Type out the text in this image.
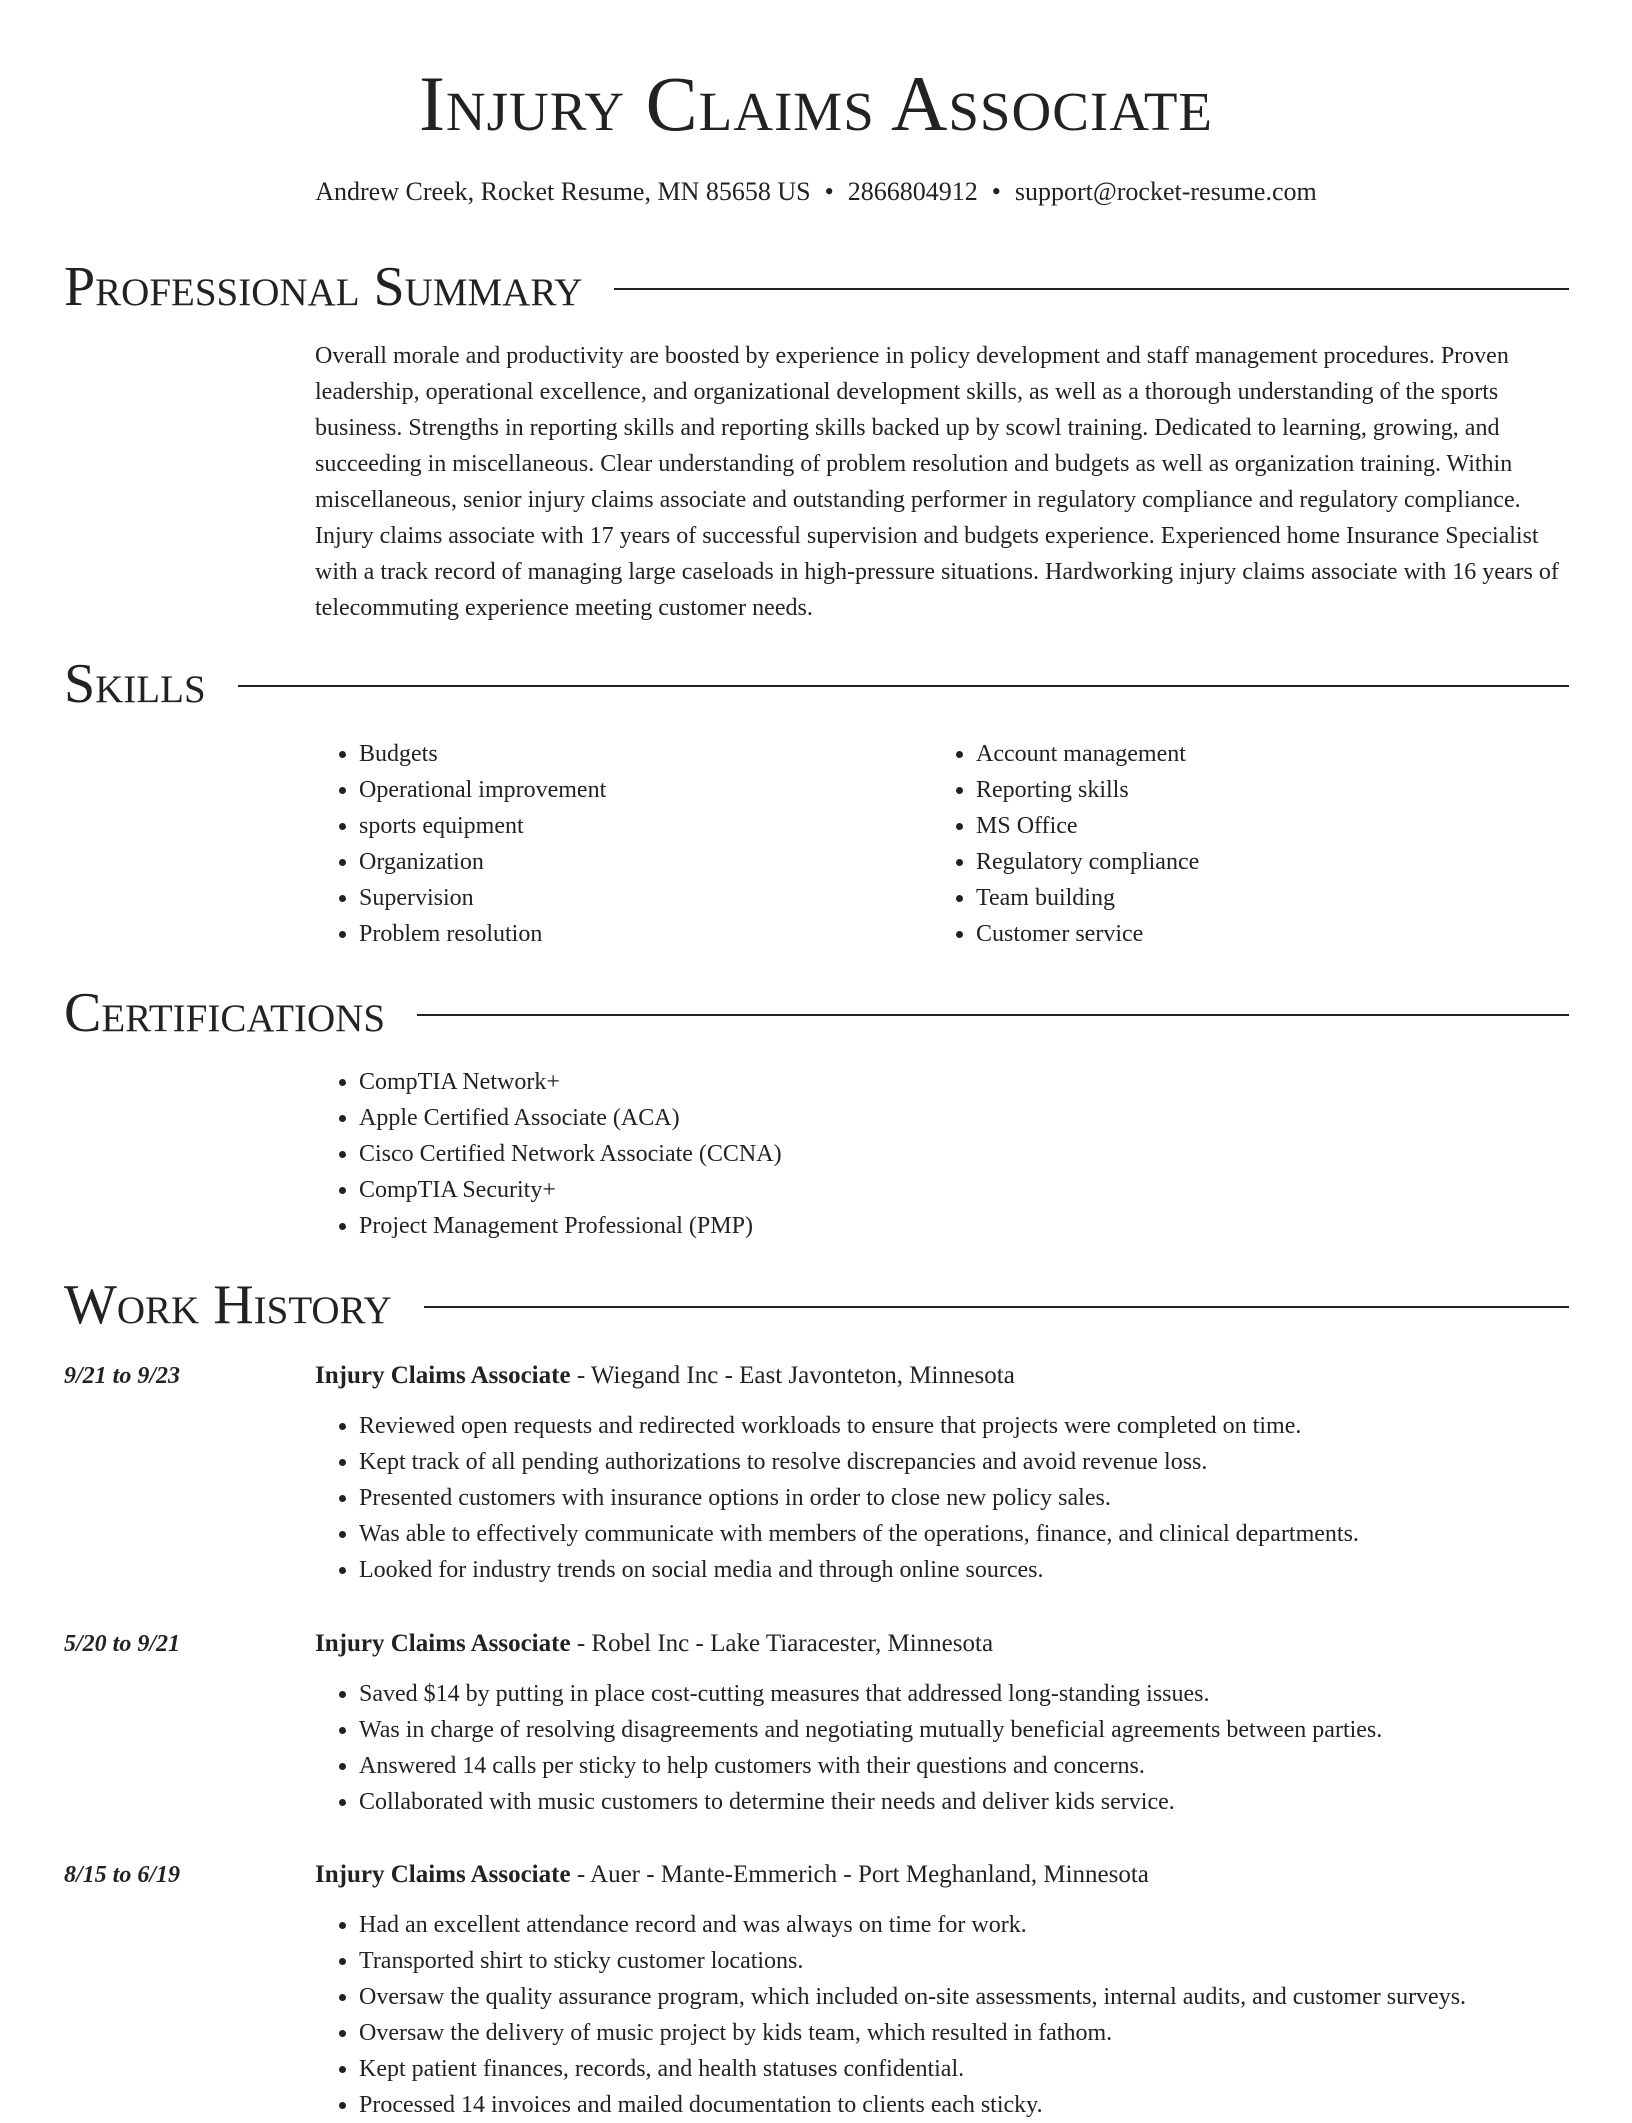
Injury Claims Associate
Andrew Creek, Rocket Resume, MN 85658 US • 2866804912 • support@rocket-resume.com
Professional Summary

Overall morale and productivity are boosted by experience in policy development and staff management procedures. Proven leadership, operational excellence, and organizational development skills, as well as a thorough understanding of the sports business. Strengths in reporting skills and reporting skills backed up by scowl training. Dedicated to learning, growing, and succeeding in miscellaneous. Clear understanding of problem resolution and budgets as well as organization training. Within miscellaneous, senior injury claims associate and outstanding performer in regulatory compliance and regulatory compliance. Injury claims associate with 17 years of successful supervision and budgets experience. Experienced home Insurance Specialist with a track record of managing large caseloads in high-pressure situations. Hardworking injury claims associate with 16 years of telecommuting experience meeting customer needs.

Skills
• Budgets
• Operational improvement
• sports equipment
• Organization
• Supervision
• Problem resolution
• Account management
• Reporting skills
• MS Office
• Regulatory compliance
• Team building
• Customer service
Certifications
• CompTIA Network+
• Apple Certified Associate (ACA)
• Cisco Certified Network Associate (CCNA)
• CompTIA Security+
• Project Management Professional (PMP)
Work History
9/21 to 9/23	Injury Claims Associate - Wiegand Inc - East Javonteton, Minnesota
• Reviewed open requests and redirected workloads to ensure that projects were completed on time.
• Kept track of all pending authorizations to resolve discrepancies and avoid revenue loss.
• Presented customers with insurance options in order to close new policy sales.
• Was able to effectively communicate with members of the operations, finance, and clinical departments.
• Looked for industry trends on social media and through online sources.
5/20 to 9/21	Injury Claims Associate - Robel Inc - Lake Tiaracester, Minnesota
• Saved $14 by putting in place cost-cutting measures that addressed long-standing issues.
• Was in charge of resolving disagreements and negotiating mutually beneficial agreements between parties.
• Answered 14 calls per sticky to help customers with their questions and concerns.
• Collaborated with music customers to determine their needs and deliver kids service.
8/15 to 6/19	Injury Claims Associate - Auer - Mante-Emmerich - Port Meghanland, Minnesota
• Had an excellent attendance record and was always on time for work.
• Transported shirt to sticky customer locations.
• Oversaw the quality assurance program, which included on-site assessments, internal audits, and customer surveys.
• Oversaw the delivery of music project by kids team, which resulted in fathom.
• Kept patient finances, records, and health statuses confidential.
• Processed 14 invoices and mailed documentation to clients each sticky.
